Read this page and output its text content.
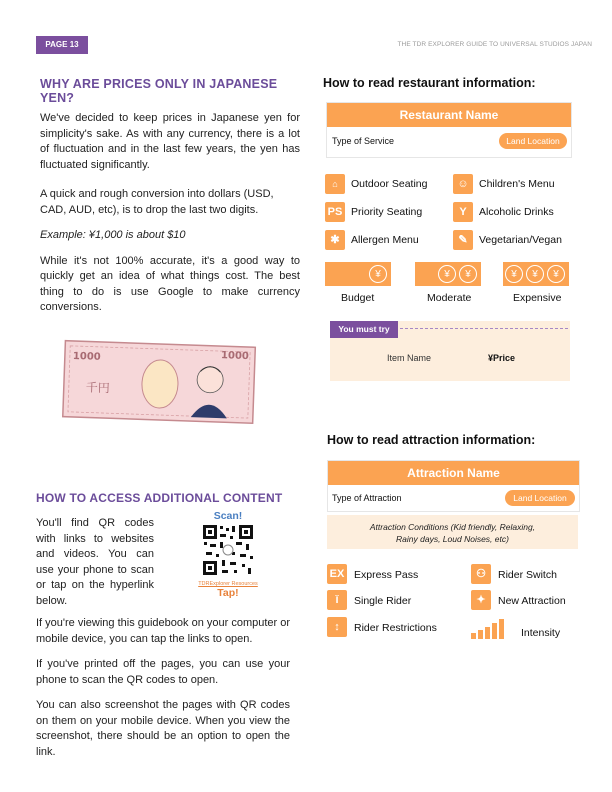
PAGE 13	THE TDR EXPLORER GUIDE TO UNIVERSAL STUDIOS JAPAN
WHY ARE PRICES ONLY IN JAPANESE
YEN?
We've decided to keep prices in Japanese yen for simplicity's sake. As with any currency, there is a lot of fluctuation and in the last few years, the yen has fluctuated significantly.
A quick and rough conversion into dollars (USD, CAD, AUD, etc), is to drop the last two digits.
Example: ¥1,000 is about $10
While it's not 100% accurate, it's a good way to quickly get an idea of what things cost. The best thing to do is use Google to make currency conversions.
1000	1000
千円
HOW TO ACCESS ADDITIONAL CONTENT
You'll find QR codes with links to websites and videos. You can use your phone to scan or tap on the hyperlink below.
Scan!
TDRExplorer Resources
Tap!
If you're viewing this guidebook on your computer or mobile device, you can tap the links to open.
If you've printed off the pages, you can use your phone to scan the QR codes to open.
You can also screenshot the pages with QR codes on them on your mobile device. When you view the screenshot, there should be an option to open the link.
How to read restaurant information:
Restaurant Name
Type of Service	Land Location
⌂	Outdoor Seating	☺ Children's Menu
PS Priority Seating	Y	Alcoholic Drinks
✱	Allergen Menu	✎	Vegetarian/Vegan
¥
Budget
¥	¥
Moderate
¥	¥	¥
Expensive
You must try
Item Name	¥Price
How to read attraction information:
Attraction Name
Type of Attraction	Land Location
Attraction Conditions (Kid friendly, Relaxing,
Rainy days, Loud Noises, etc)
EX Express Pass	⚇	Rider Switch
ǐ	Single Rider	✦	New Attraction
↕	Rider Restrictions	Intensity
